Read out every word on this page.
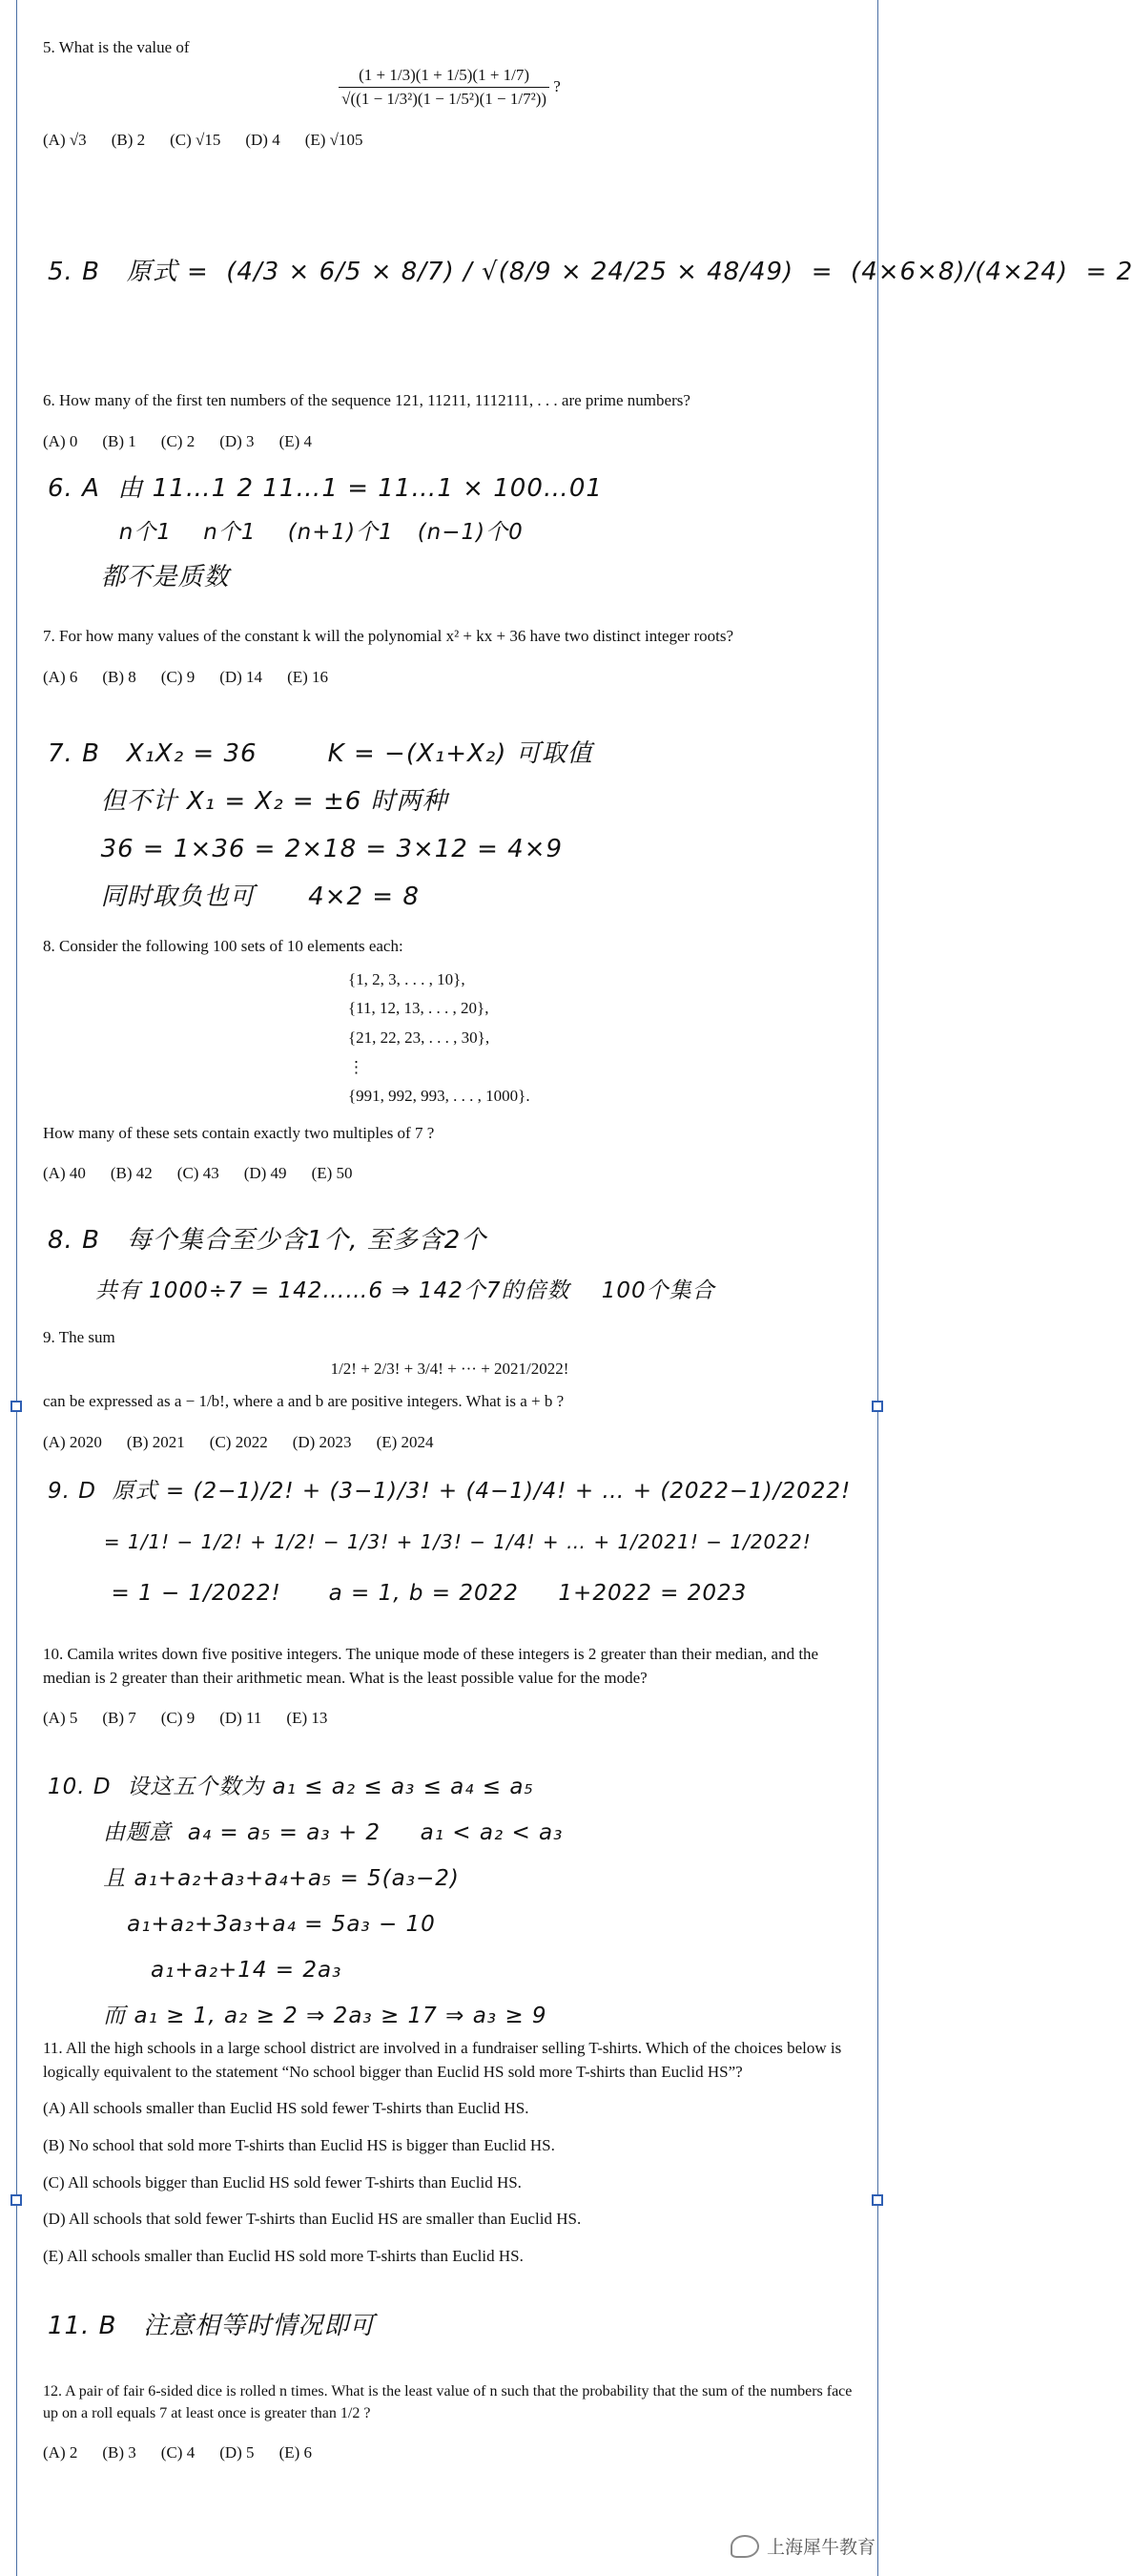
5. What is the value of

$\frac{(1 + 1/3)(1 + 1/5)(1 + 1/7)}{\text{√((1 − 1/3²)(1 − 1/5²)(1 − 1/7²))}}$ ?
(A) √3 (B) 2 (C) √15 (D) 4 (E) √105
5. B   原式 =  (4/3 × 6/5 × 8/7) / √(8/9 × 24/25 × 48/49)  =  (4×6×8)/(4×24)  = 2

6. How many of the first ten numbers of the sequence 121, 11211, 1112111, . . . are prime numbers?

(A) 0 (B) 1 (C) 2 (D) 3 (E) 4
6. A  由 11…1 2 11…1 = 11…1 × 100…01
n个1    n个1    (n+1)个1   (n−1)个0
都不是质数

7. For how many values of the constant k will the polynomial x² + kx + 36 have two distinct integer roots?

(A) 6 (B) 8 (C) 9 (D) 14 (E) 16
7. B   X₁X₂ = 36        K = −(X₁+X₂) 可取值
但不计 X₁ = X₂ = ±6 时两种
36 = 1×36 = 2×18 = 3×12 = 4×9
同时取负也可      4×2 = 8

8. Consider the following 100 sets of 10 elements each:

{1, 2, 3, . . . , 10},
{11, 12, 13, . . . , 20},
{21, 22, 23, . . . , 30},
⋮
{991, 992, 993, . . . , 1000}.

How many of these sets contain exactly two multiples of 7 ?

(A) 40 (B) 42 (C) 43 (D) 49 (E) 50
8. B   每个集合至少含1个, 至多含2个
共有 1000÷7 = 142……6 ⇒ 142个7的倍数    100个集合

9. The sum

1/2! + 2/3! + 3/4! + ··· + 2021/2022!

can be expressed as a − 1/b!, where a and b are positive integers. What is a + b ?

(A) 2020 (B) 2021 (C) 2022 (D) 2023 (E) 2024
9. D  原式 = (2−1)/2! + (3−1)/3! + (4−1)/4! + … + (2022−1)/2022!
= 1/1! − 1/2! + 1/2! − 1/3! + 1/3! − 1/4! + … + 1/2021! − 1/2022!
= 1 − 1/2022!      a = 1, b = 2022     1+2022 = 2023

10. Camila writes down five positive integers. The unique mode of these integers is 2 greater than their median, and the median is 2 greater than their arithmetic mean. What is the least possible value for the mode?

(A) 5 (B) 7 (C) 9 (D) 11 (E) 13
10. D  设这五个数为 a₁ ≤ a₂ ≤ a₃ ≤ a₄ ≤ a₅
由题意  a₄ = a₅ = a₃ + 2     a₁ < a₂ < a₃
且 a₁+a₂+a₃+a₄+a₅ = 5(a₃−2)
a₁+a₂+3a₃+a₄ = 5a₃ − 10
a₁+a₂+14 = 2a₃
而 a₁ ≥ 1, a₂ ≥ 2 ⇒ 2a₃ ≥ 17 ⇒ a₃ ≥ 9

11. All the high schools in a large school district are involved in a fundraiser selling T-shirts. Which of the choices below is logically equivalent to the statement “No school bigger than Euclid HS sold more T-shirts than Euclid HS”?

(A) All schools smaller than Euclid HS sold fewer T-shirts than Euclid HS.
(B) No school that sold more T-shirts than Euclid HS is bigger than Euclid HS.
(C) All schools bigger than Euclid HS sold fewer T-shirts than Euclid HS.
(D) All schools that sold fewer T-shirts than Euclid HS are smaller than Euclid HS.
(E) All schools smaller than Euclid HS sold more T-shirts than Euclid HS.
11. B   注意相等时情况即可

12. A pair of fair 6-sided dice is rolled n times. What is the least value of n such that the probability that the sum of the numbers face up on a roll equals 7 at least once is greater than 1/2 ?

(A) 2 (B) 3 (C) 4 (D) 5 (E) 6
上海犀牛教育
